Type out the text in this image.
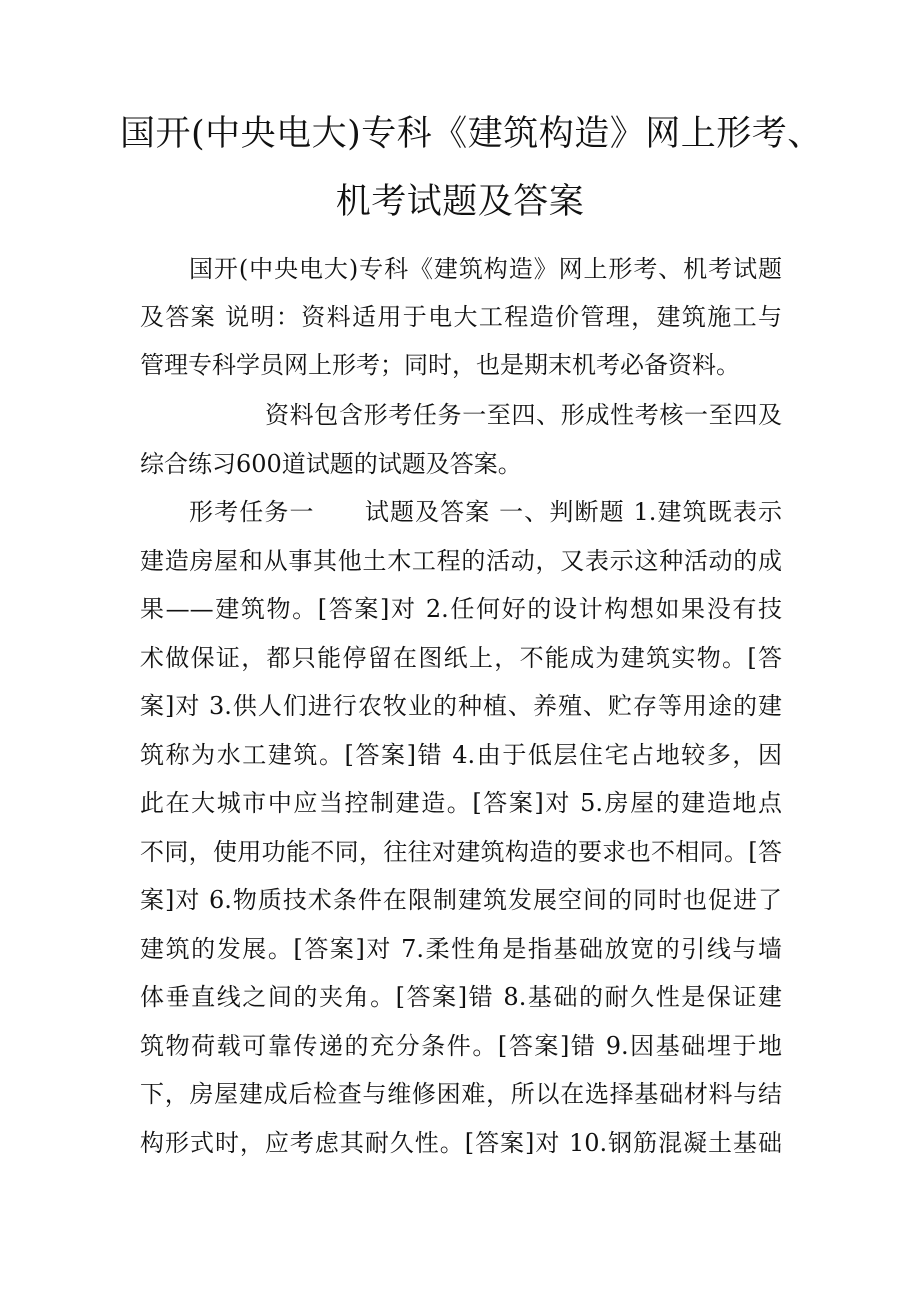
国开(中央电大)专科《建筑构造》网上形考、
机考试题及答案
国开(中央电大)专科《建筑构造》网上形考、机考试题
及答案 说明：资料适用于电大工程造价管理，建筑施工与
管理专科学员网上形考；同时，也是期末机考必备资料。
资料包含形考任务一至四、形成性考核一至四及
综合练习600道试题的试题及答案。
形考任务一　　试题及答案 一、判断题 1.建筑既表示
建造房屋和从事其他土木工程的活动，又表示这种活动的成
果——建筑物。[答案]对 2.任何好的设计构想如果没有技
术做保证，都只能停留在图纸上，不能成为建筑实物。[答
案]对 3.供人们进行农牧业的种植、养殖、贮存等用途的建
筑称为水工建筑。[答案]错 4.由于低层住宅占地较多，因
此在大城市中应当控制建造。[答案]对 5.房屋的建造地点
不同，使用功能不同，往往对建筑构造的要求也不相同。[答
案]对 6.物质技术条件在限制建筑发展空间的同时也促进了
建筑的发展。[答案]对 7.柔性角是指基础放宽的引线与墙
体垂直线之间的夹角。[答案]错 8.基础的耐久性是保证建
筑物荷载可靠传递的充分条件。[答案]错 9.因基础埋于地
下，房屋建成后检查与维修困难，所以在选择基础材料与结
构形式时，应考虑其耐久性。[答案]对 10.钢筋混凝土基础
